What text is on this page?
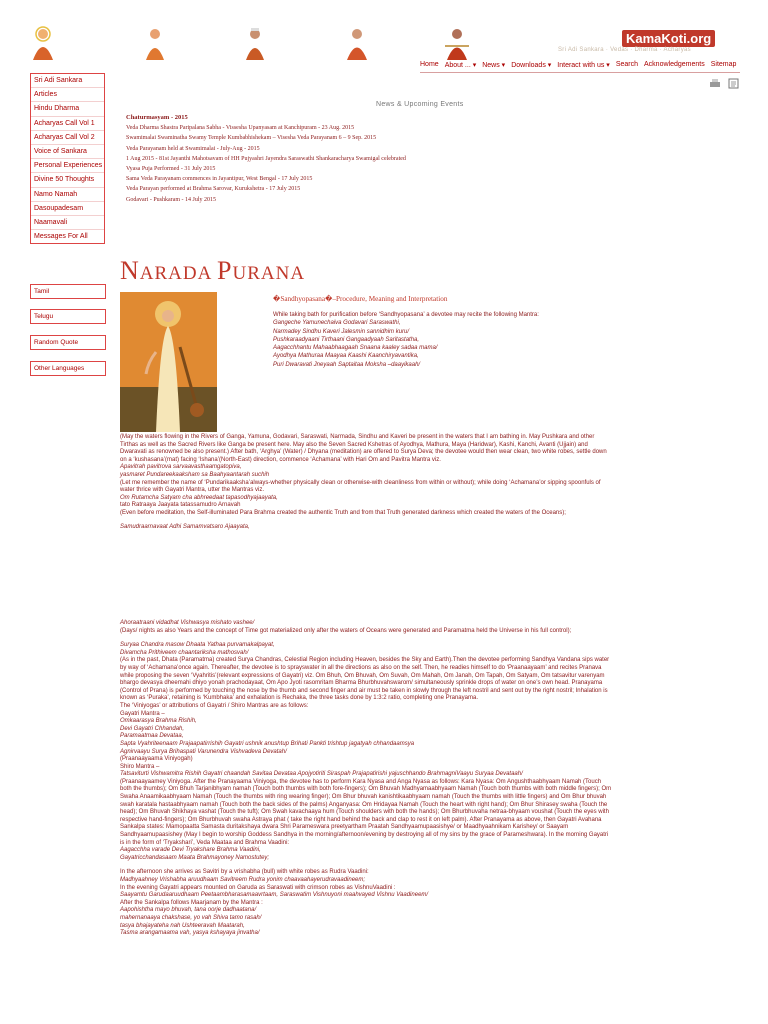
KamaKoti.org
Sri Adi Sankara · Vedas · Dharma · Acharyas
Home About ... ▾ News ▾ Downloads ▾ Interact with us ▾ Search Acknowledgements Sitemap
Sri Adi Sankara
Articles
Hindu Dharma
Acharyas Call Vol 1
Acharyas Call Vol 2
Voice of Sankara
Personal Experiences
Divine 50 Thoughts
Namo Namah
Dasoupadesam
Naamavali
Messages For All
Tamil
Telugu
Random Quote
Other Languages
News & Upcoming Events
Chaturmasyam - 2015
Veda Dharma Shastra Paripalana Sabha - Vissesha Upanyasam at Kanchipuram - 23 Aug. 2015
Swamimalai Swaminatha Swamy Temple Kumbabhishekam – Visesha Veda Parayanam 6 – 9 Sep. 2015
Veda Parayanam held at Swamimalai - July-Aug - 2015
1 Aug 2015 - 81st Jayanthi Mahotsavam of HH Pujyashri Jayendra Saraswathi Shankaracharya Swamigal celebrated
Vyasa Puja Performed - 31 July 2015
Sama Veda Parayanam commences in Jayantipur, West Bengal - 17 July 2015
Veda Parayan performed at Brahma Sarovar, Kurukshetra - 17 July 2015
Godavari - Pushkaram - 14 July 2015
NARADA PURANA
�Sandhyopasana�–Procedure, Meaning and Interpretation
While taking bath for purification before ‘Sandhyopasana’ a devotee may recite the following Mantra:
Gangeche Yamunechaiva Godavari Saraswathi,
Narmadey Sindhu Kaveri Jalesmin sannidhim kuru/
Pushkaraadyaani Tirthaani Gangaadyaah Saritastatha,
Aagacchhantu Mahaabhaagaah Snaana kaaley sadaa mama/
Ayodhya Mathuraa Maayaa Kaashi Kaanchiryavantika,
Puri Dwaravati Jneyaah Saptaitaa Moksha –daayikaah/

(May the waters flowing in the Rivers of Ganga, Yamuna, Godavari, Saraswati, Narmada, Sindhu and Kaveri be present in the waters that I am bathing in. May Pushkara and other Tirthas as well as the Sacred Rivers like Ganga be present here. May also the Seven Sacred Kshetras of Ayodhya, Mathura, Maya (Haridwar), Kashi, Kanchi, Avanti (Ujjain) and Dwaravati as renowned be also present.) After bath, ‘Arghya’ (Water) / Dhyana (meditation) are offered to Surya Deva; the devotee would then wear clean, two white robes, settle down on a ‘kushasana’(mat) facing ‘Ishana’(North-East) direction, commence ‘Achamana’ with Hari Om and Pavitra Mantra viz.

Apavitrah pavitrova sarvaavasthaamgatopiva,

yasmaret Pundareekaaksham sa Baahyaantarah suchih

(Let me remember the name of ‘Pundarikaaksha’always-whether physically clean or otherwise-with cleanliness from within or without); while doing ‘Achamana’or sipping spoonfuls of water thrice with Gayatri Mantra, utter the Mantras viz.

Om Rutamcha Satyam cha abhreedaat tapasodhyajaayata,

tato Ratraaya Jaayata tatassamudro Arnavah

(Even before meditation, the Self-illuminated Para Brahma created the authentic Truth and from that Truth generated darkness which created the waters of the Oceans);

Samudraarnavaat Adhi Samamvatsaro Ajaayata,

Ahoraatraani vidadhat Vishwasya mishato vashee/

(Days/ nights as also Years and the concept of Time got materialized only after the waters of Oceans were generated and Paramatma held the Universe in his full control);

Suryaa Chandra masow Dhaata Yathaa purvamakalpayat,

Divamcha Prithiveem chaantariksha mathosvah/

(As in the past, Dhata (Paramatma) created Surya Chandras, Celestial Region including Heaven, besides the Sky and Earth).Then the devotee performing Sandhya Vandana sips water by way of ‘Achamana’once again. Thereafter, the devotee is to sprayswater in all the directions as also on the self. Then, he readies himself to do ‘Praanaayaam’ and recites Pranava while proposing the seven ‘Vyahritis’(relevant expressions of Gayatri) viz. Om Bhuh, Om Bhuvah, Om Suvah, Om Mahah, Om Janah, Om Tapah, Om Satyam, Om tatsavitur varenyam bhargo devasya dheemahi dhiyo yonah prachodayaat, Om Apo Jyoti rasomritam Bharma Bhurbhuvahswarom/ simultaneously sprinkle drops of water on one’s own head. Pranayama (Control of Prana) is performed by touching the nose by the thumb and second finger and air must be taken in slowly through the left nostril and sent out by the right nostril; Inhalation is known as ‘Puraka’, retaining is ‘Kumbhaka’ and exhalation is Rechaka, the three tasks done by 1:3:2 ratio, completing one Pranayama.

The ‘Viniyogas’ or attributions of Gayatri / Shiro Mantras are as follows:

Gayatri Mantra –

Omkaarasya Brahma Rishih,

Devi Gayatri Chhandah,

Paramaatmaa Devataa,

Sapta Vyahriteenaam Prajaapatirrishih Gayatri ushnik anushtup Brihati Pankti trishtup jagatyah chhandaamsya

Agnirvaayu Surya Brihaspati Varunendra Vishvadeva Devatah/

(Praanaayaama Viniyogah)

Shiro Mantra –

Tatsaviturti Vishwamitra Rishih Gayatri chaandah Savitaa Devataa Apojyotiriti Siraspah Prajapatirishi yajuschhando BrahmagniVaayu Suryaa Devataah/

(Praanaayaamey Viniyoga. After the Pranayaama Viniyoga, the devotee has to perform Kara Nyasa and Anga Nyasa as follows: Kara Nyasa: Om Angushthaabhyaam Namah (Touch both the thumbs); Om Bhuh Tarjanibhyam namah (Touch both thumbs with both fore-fingers); Om Bhuvah Madhyamaabhyaam Namah (Touch both thumbs with both middle fingers); Om Swaha Anaamikaabhyaam Namah (Touch the thumbs with ring wearing finger); Om Bhur bhuvah kanishtikaabhyaam namah (Touch the thumbs with little fingers) and Om Bhur bhuvah swah karatala hastaabhyaam namah (Touch both the back sides of the palms) Anganyasa: Om Hridayaa Namah (Touch the heart with right hand); Om Bhur Shirasey swaha (Touch the head); Om Bhuvah Shikhaya vashat (Touch the tuft); Om Swah kavachaaya hum (Touch shoulders with both the hands); Om Bhurbhuvaha netraa-bhyaam voushat (Touch the eyes with respective hand-fingers); Om Bhurbhuvah swaha Astraya phat ( take the right hand behind the back and clap to rest it on left palm). After Pranayama as above, then Gayatri Avahana Sankalpa states: Mamopaatta Samasta duritakshaya dwara Shri Parameswara preetyartham Praatah Sandhyaamupaasishye/ or Maadhyaahnikam Karishey/ or Saayam Sandhyaamupaasishey (May I begin to worship Goddess Sandhya in the morning/afternoon/evening by destroying all of my sins by the grace of Parameshwara). In the morning Gayatri is in the form of ‘Tryakshari’, Veda Maataa and Brahma Vaadini:

Aagacchha varade Devi Tryakshare Brahma Vaadini,

Gayatricchandasaam Maata Brahmayoney Namostutey;

In the afternoon she arrives as Savitri by a vrishabha (bull) with white robes as Rudra Vaadini:

Madhyaahney Vrishabha aruudhaam Savitreem Rudra yonim chaavaahayerudravaadineem;

In the evening Gayatri appears mounted on Garuda as Saraswati with crimson robes as VishnuVaadini :

Saayamtu Garudaaruudhaam Peetaambharasamaavrtaam, Saraswatim Vishnuyoni maahvayed Vishnu Vaadineem/

After the Sankalpa follows Maarjanam by the Mantra :

Aapohishtha mayo bhuvah, tana oorje dadhaatana/

mahernanaaya chakshase, yo vah Shiva tamo rasah/

tasya bhajayateha nah Ushteeravah Maatarah,

Tasma arangamaama vah, yasya kshayaya jinvatha/
